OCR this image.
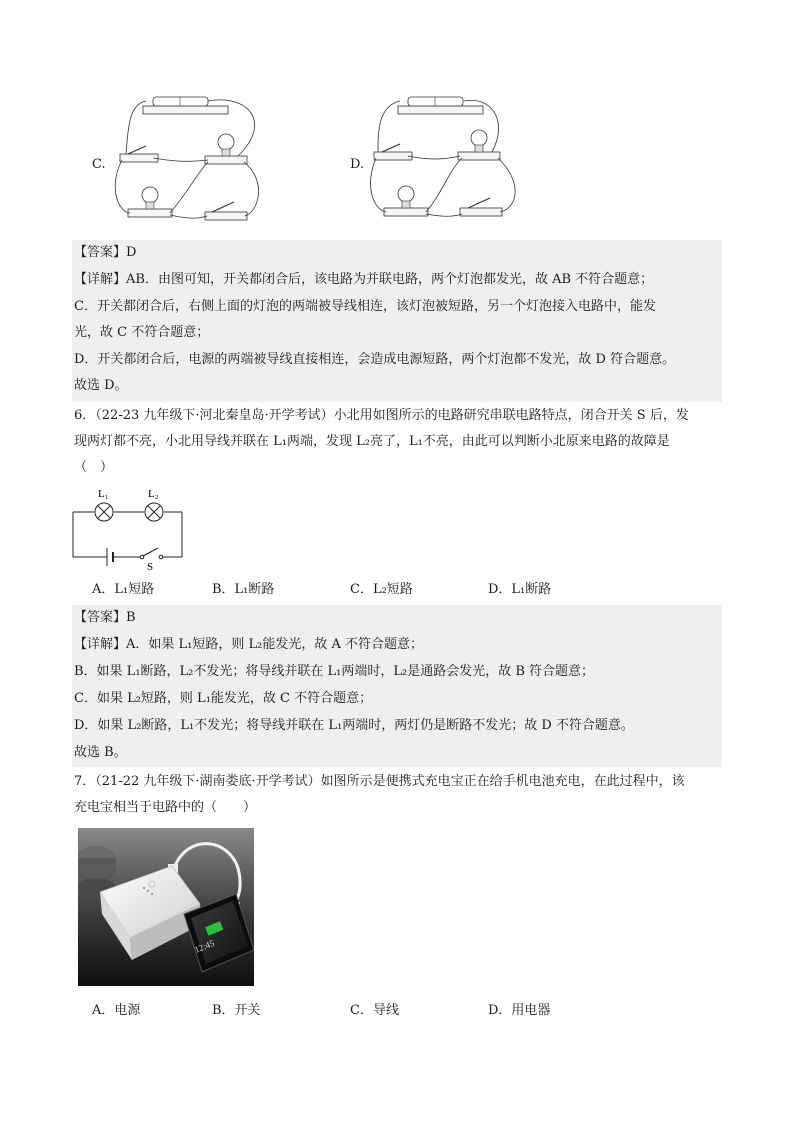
C.	D.
【答案】D
【详解】AB．由图可知，开关都闭合后，该电路为并联电路，两个灯泡都发光，故 AB 不符合题意；
C．开关都闭合后，右侧上面的灯泡的两端被导线相连，该灯泡被短路，另一个灯泡接入电路中，能发
光，故 C 不符合题意；
D．开关都闭合后，电源的两端被导线直接相连，会造成电源短路，两个灯泡都不发光，故 D 符合题意。
故选 D。
6．（22-23 九年级下·河北秦皇岛·开学考试）小北用如图所示的电路研究串联电路特点，闭合开关 S 后，发
现两灯都不亮，小北用导线并联在 L₁两端，发现 L₂亮了，L₁不亮，由此可以判断小北原来电路的故障是
（　）
L₁	L₂
S
A．L₁短路	B．L₁断路	C．L₂短路	D．L₁断路
【答案】B
【详解】A．如果 L₁短路，则 L₂能发光，故 A 不符合题意；
B．如果 L₁断路，L₂不发光；将导线并联在 L₁两端时，L₂是通路会发光，故 B 符合题意；
C．如果 L₂短路，则 L₁能发光，故 C 不符合题意；
D．如果 L₂断路，L₁不发光；将导线并联在 L₁两端时，两灯仍是断路不发光；故 D 不符合题意。
故选 B。
7．（21-22 九年级下·湖南娄底·开学考试）如图所示是便携式充电宝正在给手机电池充电，在此过程中，该
充电宝相当于电路中的（　　）
12:45
A．电源	B．开关	C．导线	D．用电器
